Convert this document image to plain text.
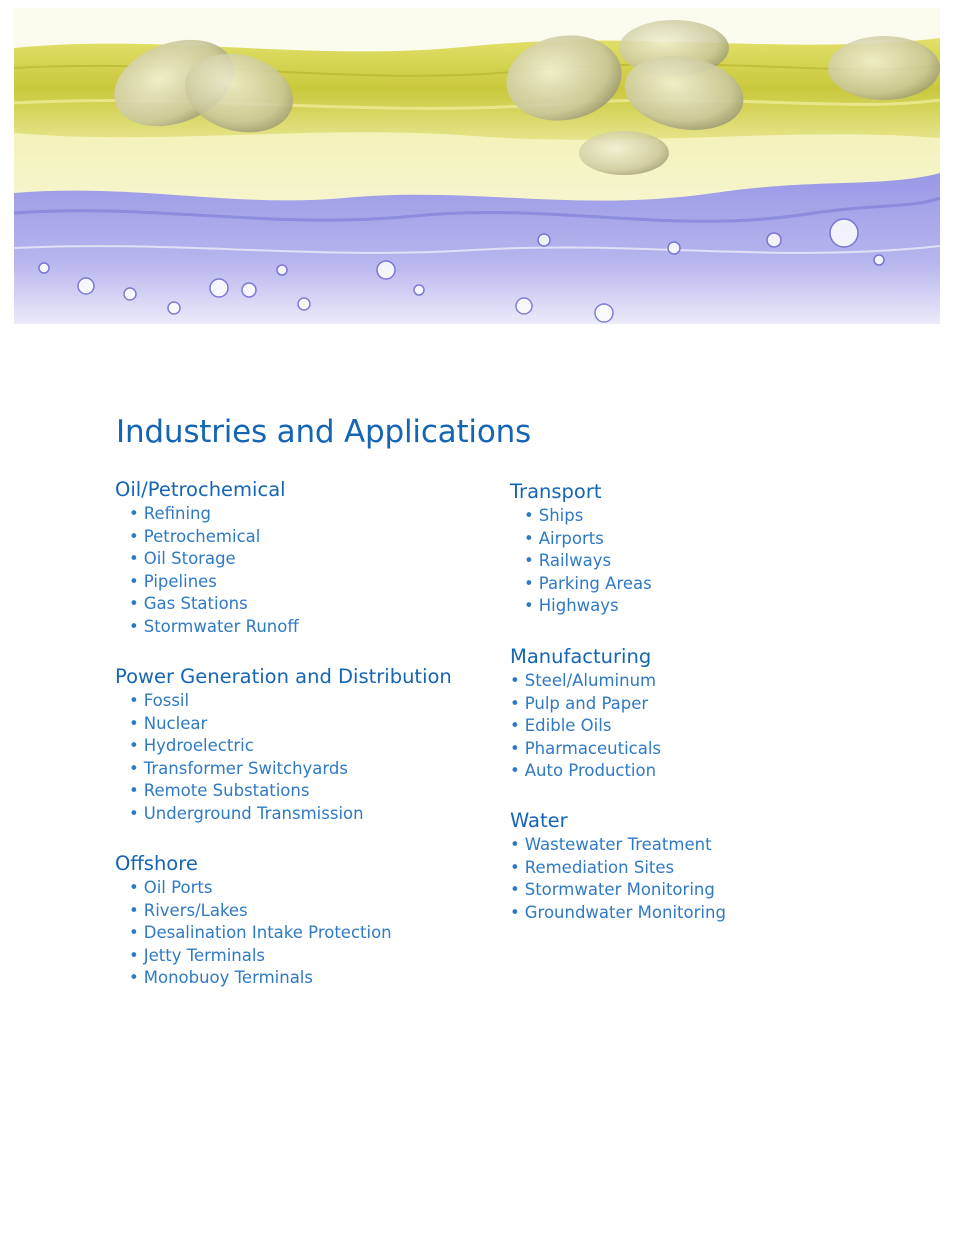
Industries and Applications
Oil/Petrochemical
• Refining
• Petrochemical
• Oil Storage
• Pipelines
• Gas Stations
• Stormwater Runoff
Power Generation and Distribution
• Fossil
• Nuclear
• Hydroelectric
• Transformer Switchyards
• Remote Substations
• Underground Transmission
Offshore
• Oil Ports
• Rivers/Lakes
• Desalination Intake Protection
• Jetty Terminals
• Monobuoy Terminals
Transport
• Ships
• Airports
• Railways
• Parking Areas
• Highways
Manufacturing
• Steel/Aluminum
• Pulp and Paper
• Edible Oils
• Pharmaceuticals
• Auto Production
Water
• Wastewater Treatment
• Remediation Sites
• Stormwater Monitoring
• Groundwater Monitoring
